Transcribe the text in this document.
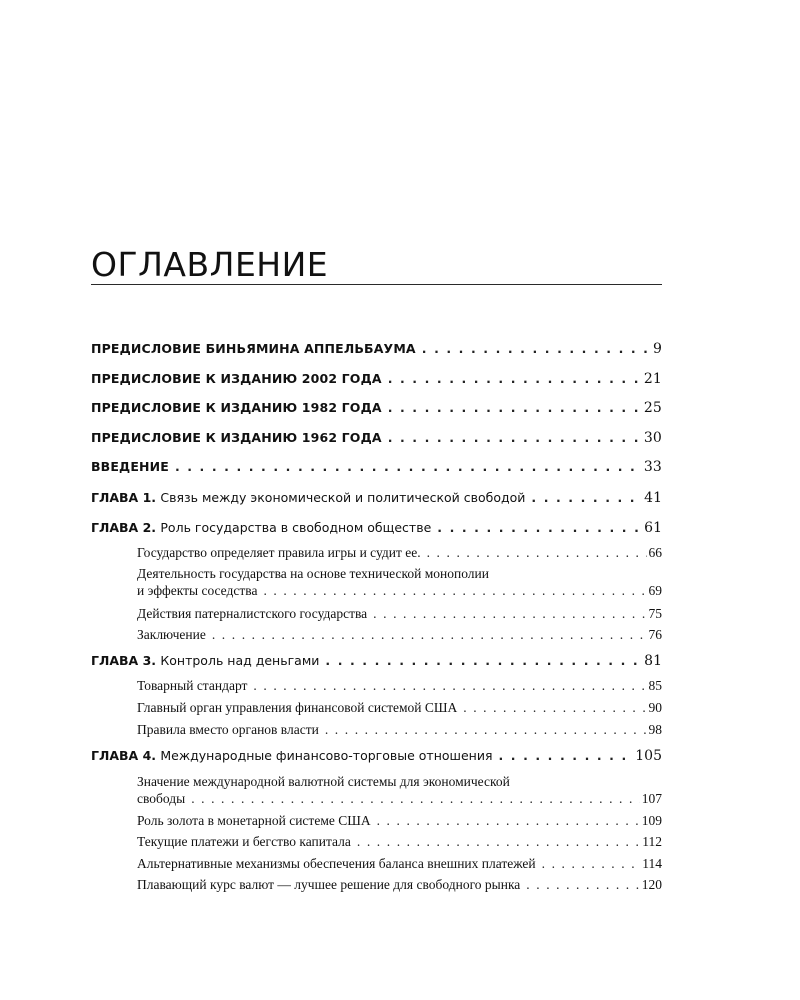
ОГЛАВЛЕНИЕ
ПРЕДИСЛОВИЕ БИНЬЯМИНА АППЕЛЬБАУМА . . .	9
ПРЕДИСЛОВИЕ К ИЗДАНИЮ 2002 ГОДА . . .	21
ПРЕДИСЛОВИЕ К ИЗДАНИЮ 1982 ГОДА . . .	25
ПРЕДИСЛОВИЕ К ИЗДАНИЮ 1962 ГОДА . . .	30
ВВЕДЕНИЕ . . .	33
ГЛАВА 1. Связь между экономической и политической свободой . . .	41
ГЛАВА 2. Роль государства в свободном обществе . . .	61
Государство определяет правила игры и судит ее. . . .	66
Деятельность государства на основе технической монополии
и эффекты соседства . . .	69
Действия патерналистского государства . . .	75
Заключение . . .	76
ГЛАВА 3. Контроль над деньгами . . .	81
Товарный стандарт . . .	85
Главный орган управления финансовой системой США . . .	90
Правила вместо органов власти . . .	98
ГЛАВА 4. Международные финансово-торговые отношения . . .	105
Значение международной валютной системы для экономической
свободы . . .	107
Роль золота в монетарной системе США . . .	109
Текущие платежи и бегство капитала . . .	112
Альтернативные механизмы обеспечения баланса внешних платежей . . .	114
Плавающий курс валют — лучшее решение для свободного рынка . . .	120
